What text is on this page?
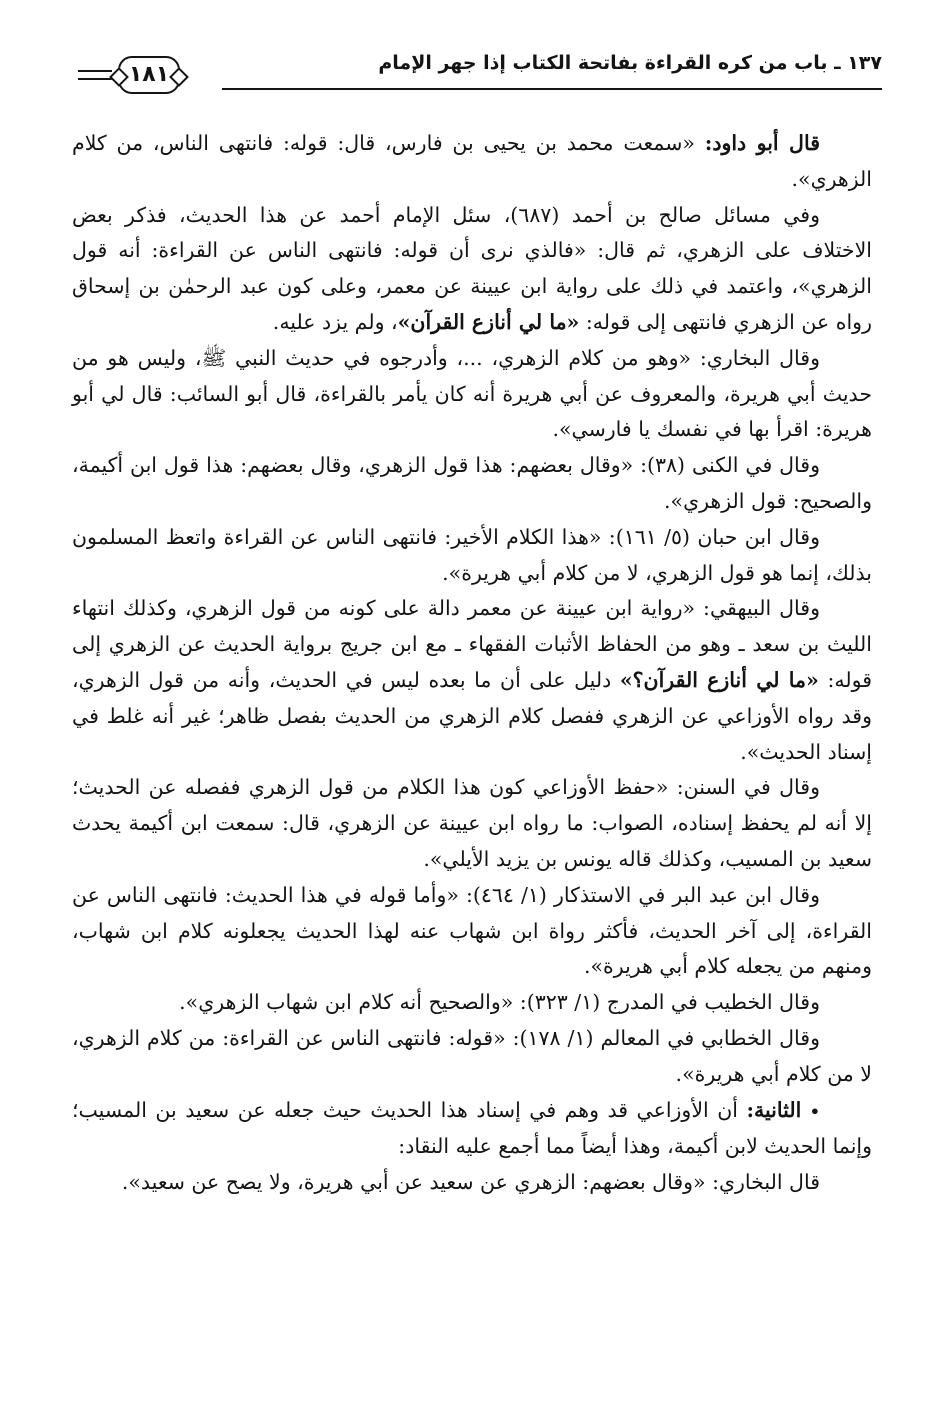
١٣٧ ـ باب من كره القراءة بفاتحة الكتاب إذا جهر الإمام
١٨١

قال أبو داود: «سمعت محمد بن يحيى بن فارس، قال: قوله: فانتهى الناس، من كلام الزهري».

وفي مسائل صالح بن أحمد (٦٨٧)، سئل الإمام أحمد عن هذا الحديث، فذكر بعض الاختلاف على الزهري، ثم قال: «فالذي نرى أن قوله: فانتهى الناس عن القراءة: أنه قول الزهري»، واعتمد في ذلك على رواية ابن عيينة عن معمر، وعلى كون عبد الرحمٰن بن إسحاق رواه عن الزهري فانتهى إلى قوله: «ما لي أنازع القرآن»، ولم يزد عليه.

وقال البخاري: «وهو من كلام الزهري، ...، وأدرجوه في حديث النبي ﷺ، وليس هو من حديث أبي هريرة، والمعروف عن أبي هريرة أنه كان يأمر بالقراءة، قال أبو السائب: قال لي أبو هريرة: اقرأ بها في نفسك يا فارسي».

وقال في الكنى (٣٨): «وقال بعضهم: هذا قول الزهري، وقال بعضهم: هذا قول ابن أكيمة، والصحيح: قول الزهري».

وقال ابن حبان (٥/ ١٦١): «هذا الكلام الأخير: فانتهى الناس عن القراءة واتعظ المسلمون بذلك، إنما هو قول الزهري، لا من كلام أبي هريرة».

وقال البيهقي: «رواية ابن عيينة عن معمر دالة على كونه من قول الزهري، وكذلك انتهاء الليث بن سعد ـ وهو من الحفاظ الأثبات الفقهاء ـ مع ابن جريج برواية الحديث عن الزهري إلى قوله: «ما لي أنازع القرآن؟» دليل على أن ما بعده ليس في الحديث، وأنه من قول الزهري، وقد رواه الأوزاعي عن الزهري ففصل كلام الزهري من الحديث بفصل ظاهر؛ غير أنه غلط في إسناد الحديث».

وقال في السنن: «حفظ الأوزاعي كون هذا الكلام من قول الزهري ففصله عن الحديث؛ إلا أنه لم يحفظ إسناده، الصواب: ما رواه ابن عيينة عن الزهري، قال: سمعت ابن أكيمة يحدث سعيد بن المسيب، وكذلك قاله يونس بن يزيد الأيلي».

وقال ابن عبد البر في الاستذكار (١/ ٤٦٤): «وأما قوله في هذا الحديث: فانتهى الناس عن القراءة، إلى آخر الحديث، فأكثر رواة ابن شهاب عنه لهذا الحديث يجعلونه كلام ابن شهاب، ومنهم من يجعله كلام أبي هريرة».

وقال الخطيب في المدرج (١/ ٣٢٣): «والصحيح أنه كلام ابن شهاب الزهري».

وقال الخطابي في المعالم (١/ ١٧٨): «قوله: فانتهى الناس عن القراءة: من كلام الزهري، لا من كلام أبي هريرة».

• الثانية: أن الأوزاعي قد وهم في إسناد هذا الحديث حيث جعله عن سعيد بن المسيب؛ وإنما الحديث لابن أكيمة، وهذا أيضاً مما أجمع عليه النقاد:

قال البخاري: «وقال بعضهم: الزهري عن سعيد عن أبي هريرة، ولا يصح عن سعيد».
